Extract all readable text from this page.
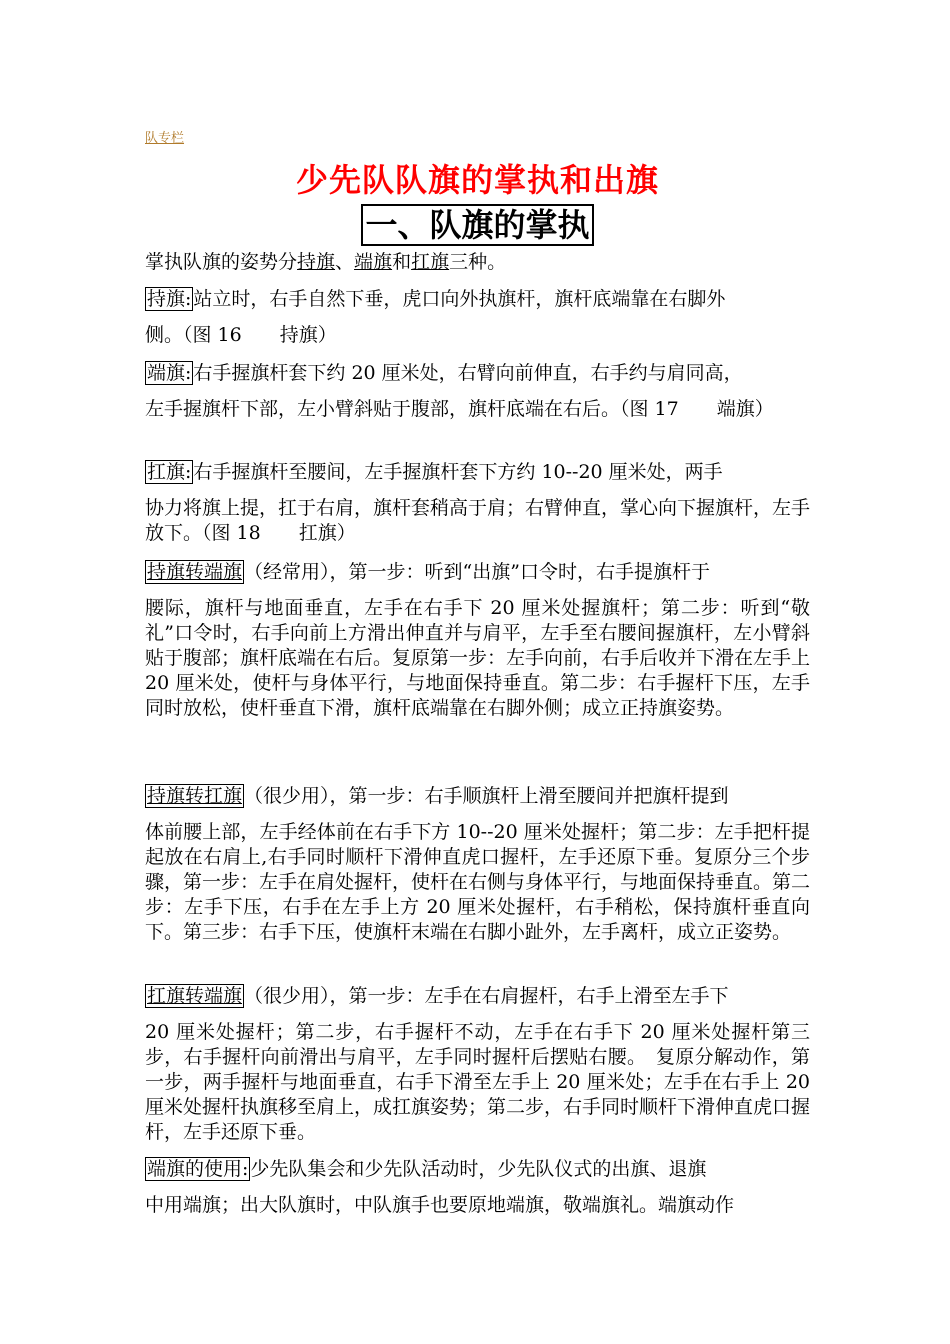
队专栏
少先队队旗的掌执和出旗
一、队旗的掌执
掌执队旗的姿势分持旗、端旗和扛旗三种。
持旗: 站立时，右手自然下垂，虎口向外执旗杆，旗杆底端靠在右脚外
侧。（图 16　　持旗）
端旗: 右手握旗杆套下约 20 厘米处，右臂向前伸直，右手约与肩同高，
左手握旗杆下部，左小臂斜贴于腹部，旗杆底端在右后。（图 17　　端旗）
扛旗: 右手握旗杆至腰间，左手握旗杆套下方约 10--20 厘米处，两手
协力将旗上提，扛于右肩，旗杆套稍高于肩；右臂伸直，掌心向下握旗杆，左手放下。（图 18　　扛旗）
持旗转端旗 （经常用），第一步：听到“出旗”口令时，右手提旗杆于
腰际，旗杆与地面垂直，左手在右手下 20 厘米处握旗杆；第二步：听到“敬礼”口令时，右手向前上方滑出伸直并与肩平，左手至右腰间握旗杆，左小臂斜贴于腹部；旗杆底端在右后。复原第一步：左手向前，右手后收并下滑在左手上 20 厘米处，使杆与身体平行，与地面保持垂直。第二步：右手握杆下压，左手同时放松，使杆垂直下滑，旗杆底端靠在右脚外侧；成立正持旗姿势。
持旗转扛旗 （很少用），第一步：右手顺旗杆上滑至腰间并把旗杆提到
体前腰上部，左手经体前在右手下方 10--20 厘米处握杆；第二步：左手把杆提起放在右肩上,右手同时顺杆下滑伸直虎口握杆，左手还原下垂。复原分三个步骤，第一步：左手在肩处握杆，使杆在右侧与身体平行，与地面保持垂直。第二步：左手下压，右手在左手上方 20 厘米处握杆，右手稍松，保持旗杆垂直向下。第三步：右手下压，使旗杆末端在右脚小趾外，左手离杆，成立正姿势。
扛旗转端旗 （很少用），第一步：左手在右肩握杆，右手上滑至左手下
20 厘米处握杆；第二步，右手握杆不动，左手在右手下 20 厘米处握杆第三步，右手握杆向前滑出与肩平，左手同时握杆后摆贴右腰。　复原分解动作，第一步，两手握杆与地面垂直，右手下滑至左手上 20 厘米处；左手在右手上 20 厘米处握杆执旗移至肩上，成扛旗姿势；第二步，右手同时顺杆下滑伸直虎口握杆，左手还原下垂。
端旗的使用: 少先队集会和少先队活动时，少先队仪式的出旗、退旗
中用端旗；出大队旗时，中队旗手也要原地端旗，敬端旗礼。端旗动作
